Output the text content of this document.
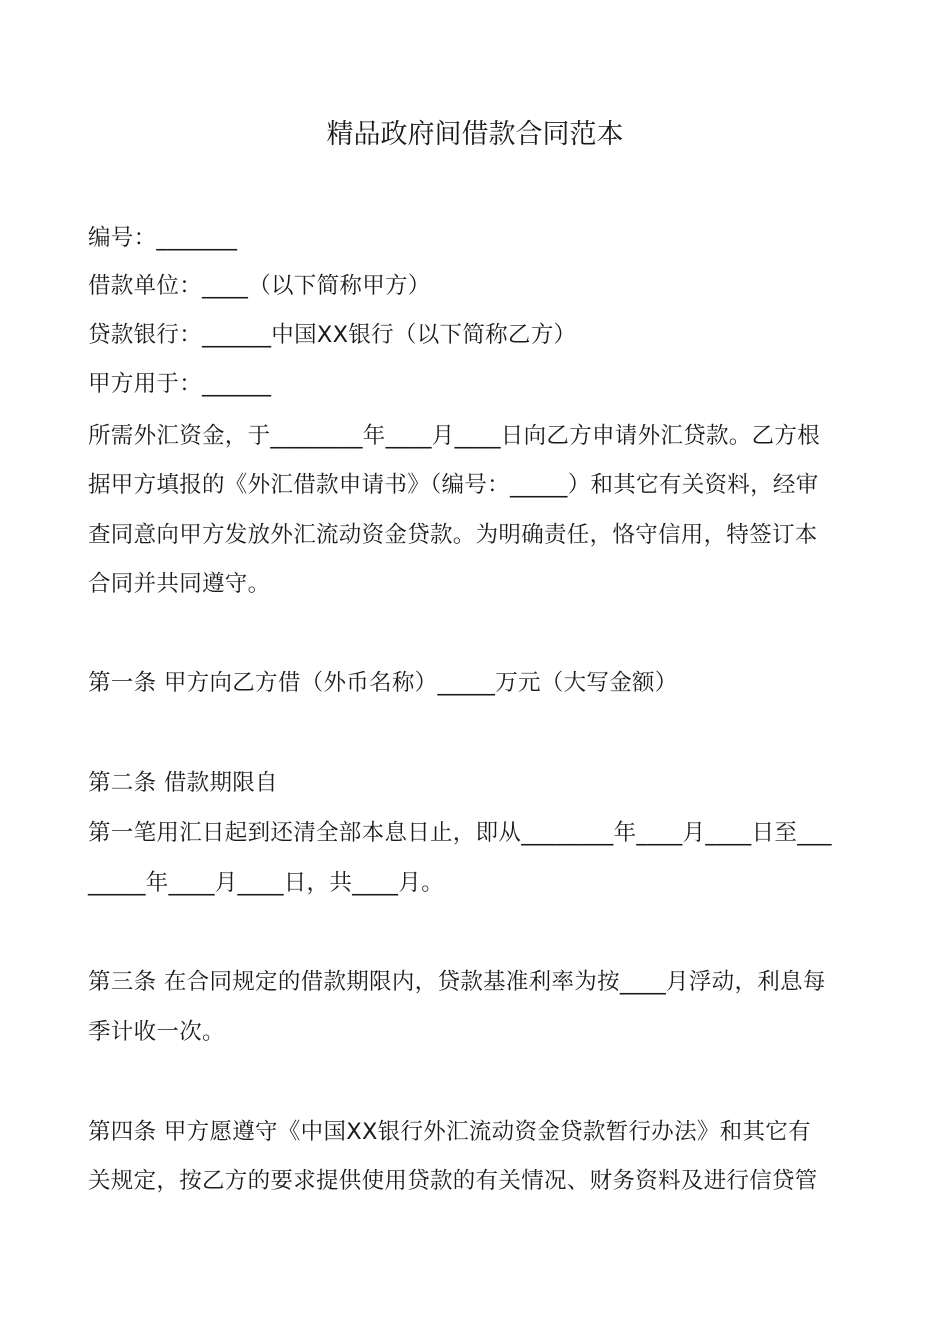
精品政府间借款合同范本
编号：_______
借款单位：____（以下简称甲方）
贷款银行：______中国XX银行（以下简称乙方）
甲方用于：______
所需外汇资金，于________年____月____日向乙方申请外汇贷款。乙方根
据甲方填报的《外汇借款申请书》（编号：_____）和其它有关资料，经审
查同意向甲方发放外汇流动资金贷款。为明确责任，恪守信用，特签订本
合同并共同遵守。
第一条 甲方向乙方借（外币名称）_____万元（大写金额）
第二条 借款期限自
第一笔用汇日起到还清全部本息日止，即从________年____月____日至___
_____年____月____日，共____月。
第三条 在合同规定的借款期限内，贷款基准利率为按____月浮动，利息每
季计收一次。
第四条 甲方愿遵守《中国XX银行外汇流动资金贷款暂行办法》和其它有
关规定，按乙方的要求提供使用贷款的有关情况、财务资料及进行信贷管
